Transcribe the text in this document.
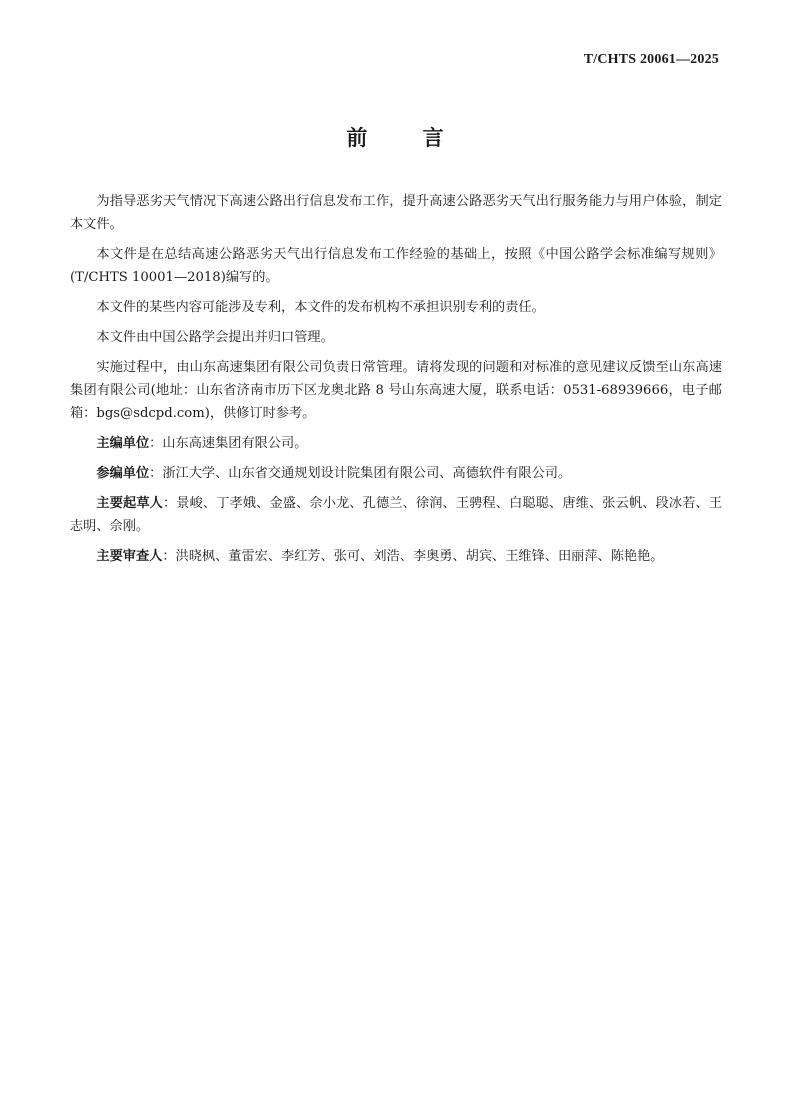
T/CHTS 20061—2025
前 言

为指导恶劣天气情况下高速公路出行信息发布工作，提升高速公路恶劣天气出行服务能力与用户体验，制定本文件。

本文件是在总结高速公路恶劣天气出行信息发布工作经验的基础上，按照《中国公路学会标准编写规则》(T/CHTS 10001—2018)编写的。

本文件的某些内容可能涉及专利，本文件的发布机构不承担识别专利的责任。

本文件由中国公路学会提出并归口管理。

实施过程中，由山东高速集团有限公司负责日常管理。请将发现的问题和对标准的意见建议反馈至山东高速集团有限公司(地址：山东省济南市历下区龙奥北路 8 号山东高速大厦，联系电话：0531-68939666，电子邮箱：bgs@sdcpd.com)，供修订时参考。

主编单位：山东高速集团有限公司。

参编单位：浙江大学、山东省交通规划设计院集团有限公司、高德软件有限公司。

主要起草人：景峻、丁孝娥、金盛、佘小龙、孔德兰、徐润、王骋程、白聪聪、唐维、张云帆、段冰若、王志明、佘刚。

主要审查人：洪晓枫、董雷宏、李红芳、张可、刘浩、李奥勇、胡宾、王维锋、田丽萍、陈艳艳。
